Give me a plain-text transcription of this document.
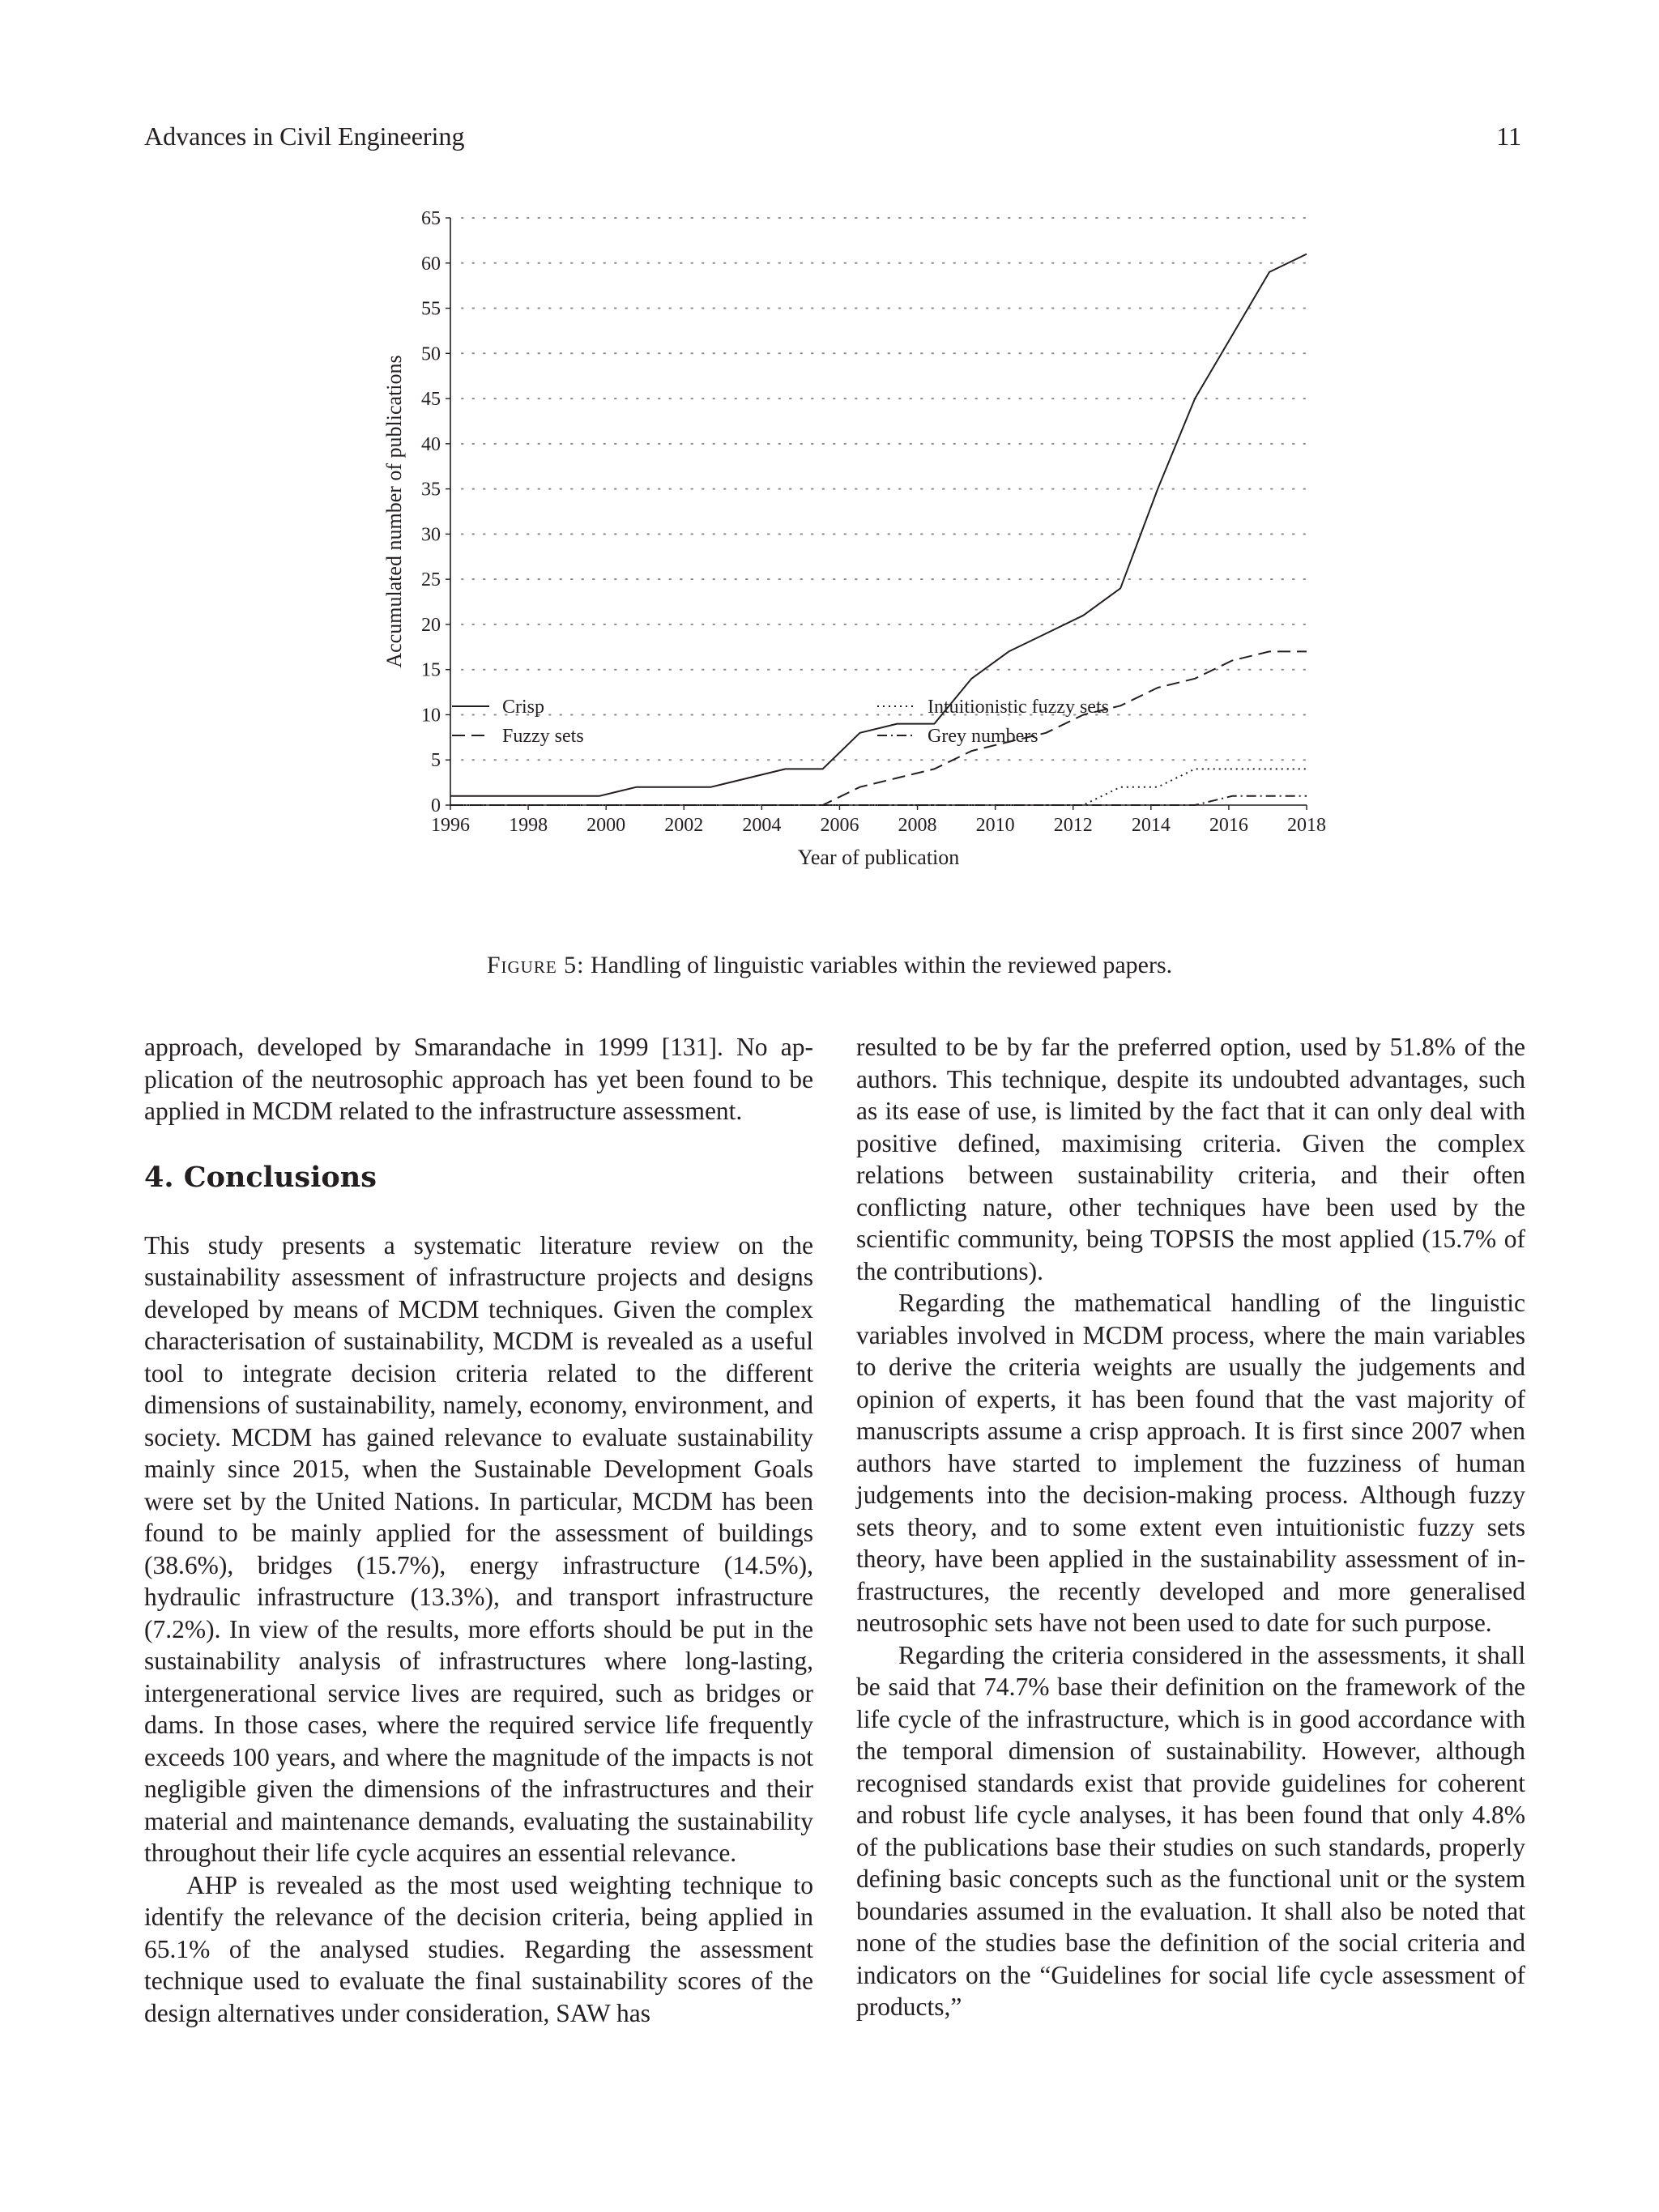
Advances in Civil Engineering	11
0
5
10
15
20
25
30
35
40
45
50
55
60
65
1996 1998 2000 2002 2004 2006 2008 2010 2012 2014 2016 2018
Year of publication
Accumulated number of publications
Crisp	Intuitionistic fuzzy sets
Fuzzy sets	Grey numbers
Figure 5: Handling of linguistic variables within the reviewed papers.

approach, developed by Smarandache in 1999 [131]. No application of the neutrosophic approach has yet been found to be applied in MCDM related to the infrastructure assessment.

4. Conclusions

This study presents a systematic literature review on the sustainability assessment of infrastructure projects and designs developed by means of MCDM techniques. Given the complex characterisation of sustainability, MCDM is revealed as a useful tool to integrate decision criteria related to the different dimensions of sustainability, namely, economy, environment, and society. MCDM has gained relevance to evaluate sustainability mainly since 2015, when the Sustainable Development Goals were set by the United Nations. In particular, MCDM has been found to be mainly applied for the assessment of buildings (38.6%), bridges (15.7%), energy infrastructure (14.5%), hydraulic infrastructure (13.3%), and transport infrastructure (7.2%). In view of the results, more efforts should be put in the sustainability analysis of infrastructures where long-lasting, intergenerational service lives are required, such as bridges or dams. In those cases, where the required service life frequently exceeds 100 years, and where the magnitude of the impacts is not negligible given the dimensions of the infrastructures and their material and maintenance demands, evaluating the sustainability throughout their life cycle acquires an essential relevance.

AHP is revealed as the most used weighting technique to identify the relevance of the decision criteria, being applied in 65.1% of the analysed studies. Regarding the assessment technique used to evaluate the final sustainability scores of the design alternatives under consideration, SAW has

resulted to be by far the preferred option, used by 51.8% of the authors. This technique, despite its undoubted advantages, such as its ease of use, is limited by the fact that it can only deal with positive defined, maximising criteria. Given the complex relations between sustainability criteria, and their often conflicting nature, other techniques have been used by the scientific community, being TOPSIS the most applied (15.7% of the contributions).

Regarding the mathematical handling of the linguistic variables involved in MCDM process, where the main variables to derive the criteria weights are usually the judgements and opinion of experts, it has been found that the vast majority of manuscripts assume a crisp approach. It is first since 2007 when authors have started to implement the fuzziness of human judgements into the decision-making process. Although fuzzy sets theory, and to some extent even intuitionistic fuzzy sets theory, have been applied in the sustainability assessment of infrastructures, the recently developed and more generalised neutrosophic sets have not been used to date for such purpose.

Regarding the criteria considered in the assessments, it shall be said that 74.7% base their definition on the framework of the life cycle of the infrastructure, which is in good accordance with the temporal dimension of sustainability. However, although recognised standards exist that provide guidelines for coherent and robust life cycle analyses, it has been found that only 4.8% of the publications base their studies on such standards, properly defining basic concepts such as the functional unit or the system boundaries assumed in the evaluation. It shall also be noted that none of the studies base the definition of the social criteria and indicators on the “Guidelines for social life cycle assessment of products,”
